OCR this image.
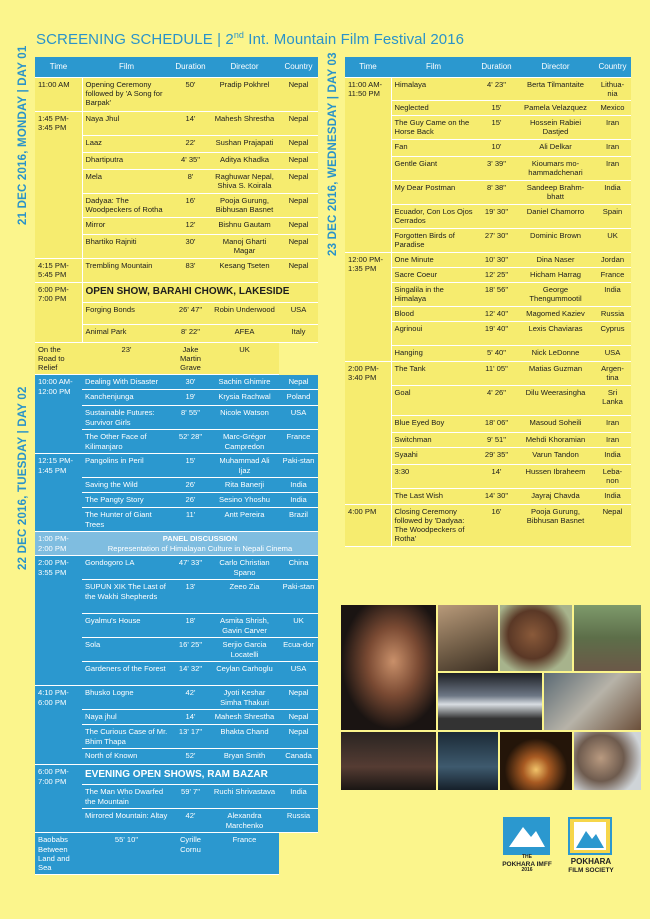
SCREENING SCHEDULE | 2nd Int. Mountain Film Festival 2016
21 DEC 2016, MONDAY | DAY 01
22 DEC 2016, TUESDAY | DAY 02
23 DEC 2016, WEDNESDAY | DAY 03
Time	Film	Duration	Director	Country
11:00 AM	Opening Ceremony followed by 'A Song for Barpak'	50'	Pradip Pokhrel	Nepal
1:45 PM- 3:45 PM	Naya Jhul	14'	Mahesh Shrestha	Nepal
	Laaz	22'	Sushan Prajapati	Nepal
	Dhartiputra	4' 35"	Aditya Khadka	Nepal
	Mela	8'	Raghuwar Nepal, Shiva S. Koirala	Nepal
	Dadyaa: The Woodpeckers of Rotha	16'	Pooja Gurung, Bibhusan Basnet	Nepal
	Mirror	12'	Bishnu Gautam	Nepal
	Bhartiko Rajniti	30'	Manoj Gharti Magar	Nepal
4:15 PM- 5:45 PM	Trembling Mountain	83'	Kesang Tseten	Nepal
6:00 PM- 7:00 PM	OPEN SHOW, BARAHI CHOWK, LAKESIDE			
	Forging Bonds	26' 47"	Robin Underwood	USA
	Animal Park	8' 22"	AFEA	Italy
On the Road to Relief	23'	Jake Martin Grave	UK	
10:00 AM- 12:00 PM	Dealing With Disaster	30'	Sachin Ghimire	Nepal
	Kanchenjunga	19'	Krysia Rachwal	Poland
	Sustainable Futures: Survivor Girls	8' 55"	Nicole Watson	USA
	The Other Face of Kilimanjaro	52' 28"	Marc-Grégor Campredon	France
12:15 PM- 1:45 PM	Pangolins in Peril	15'	Muhammad Ali Ijaz	Paki-stan
	Saving the Wild	26'	Rita Banerji	India
	The Pangty Story	26'	Sesino Yhoshu	India
	The Hunter of Giant Trees	11'	Antt Pereira	Brazil
1:00 PM- 2:00 PM	PANEL DISCUSSION
Representation of Himalayan Culture in Nepali Cinema			

2:00 PM- 3:55 PM	Gondogoro LA	47' 33"	Carlo Christian Spano	China
	SUPUN XIK The Last of the Wakhi Shepherds	13'	Zeeo Zia	Paki-stan
	Gyalmu's House	18'	Asmita Shrish, Gavin Carver	UK
	Sola	16' 25"	Serjio Garcia Locatelli	Ecua-dor
	Gardeners of the Forest	14' 32"	Ceylan Carhoglu	USA
4:10 PM- 6:00 PM	Bhusko Logne	42'	Jyoti Keshar Simha Thakuri	Nepal
	Naya jhul	14'	Mahesh Shrestha	Nepal
	The Curious Case of Mr. Bhim Thapa	13' 17"	Bhakta Chand	Nepal
	North of Known	52'	Bryan Smith	Canada
6:00 PM- 7:00 PM	EVENING OPEN SHOWS, RAM BAZAR			
	The Man Who Dwarfed the Mountain	59' 7"	Ruchi Shrivastava	India
	Mirrored Mountain: Altay	42'	Alexandra Marchenko	Russia
Baobabs Between Land and Sea	55' 10"	Cyrille Cornu	France	
Time	Film	Duration	Director	Country
11:00 AM- 11:50 PM	Himalaya	4' 23"	Berta Tilmantaite	Lithua-nia
	Neglected	15'	Pamela Velazquez	Mexico
	The Guy Came on the Horse Back	15'	Hossein Rabiei Dastjed	Iran
	Fan	10'	Ali Delkar	Iran
	Gentle Giant	3' 39"	Kioumars mo-hammadchenari	Iran
	My Dear Postman	8' 38"	Sandeep Brahm-bhatt	India
	Ecuador, Con Los Ojos Cerrados	19' 30"	Daniel Chamorro	Spain
	Forgotten Birds of Paradise	27' 30"	Dominic Brown	UK
12:00 PM- 1:35 PM	One Minute	10' 30"	Dina Naser	Jordan
	Sacre Coeur	12' 25"	Hicham Harrag	France
	Singalila in the Himalaya	18' 56"	George Thengummootil	India
	Blood	12' 40"	Magomed Kaziev	Russia
	Agrinoui	19' 40"	Lexis Chaviaras	Cyprus
	Hanging	5' 40"	Nick LeDonne	USA
2:00 PM- 3:40 PM	The Tank	11' 05"	Matias Guzman	Argen-tina
	Goal	4' 26"	Dilu Weerasingha	Sri Lanka
	Blue Eyed Boy	18' 06"	Masoud Soheili	Iran
	Switchman	9' 51"	Mehdi Khoramian	Iran
	Syaahi	29' 35"	Varun Tandon	India
	3:30	14'	Hussen Ibraheem	Leba-non
	The Last Wish	14' 30"	Jayraj Chavda	India
4:00 PM	Closing Ceremony followed by 'Dadyaa: The Woodpeckers of Rotha'	16'	Pooja Gurung, Bibhusan Basnet	Nepal
THE
POKHARA IMFF
2016
POKHARA
FILM SOCIETY
